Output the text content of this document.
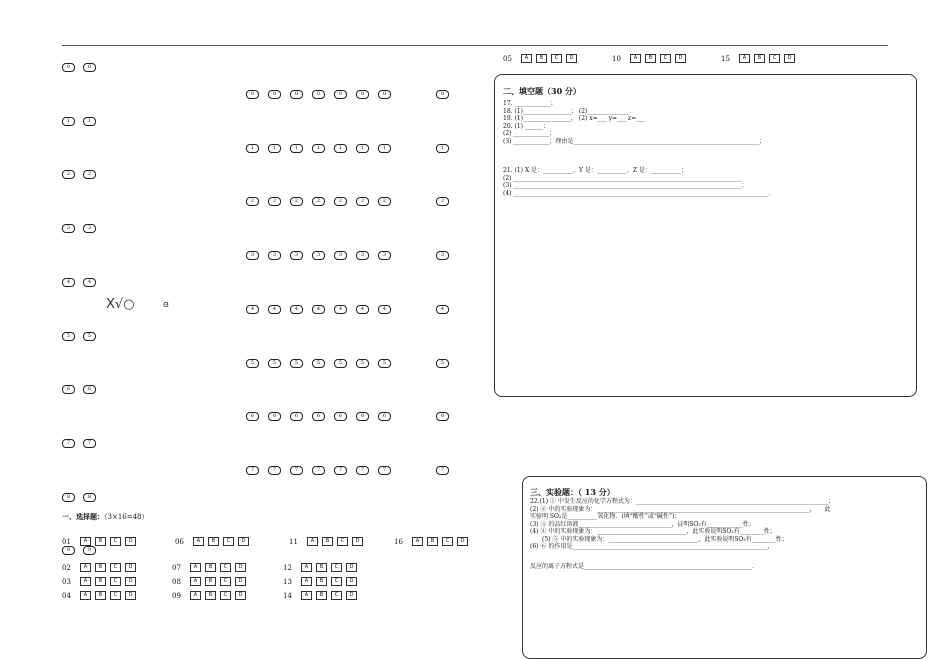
0	0
0	0	0	0	0	0	0	0
1	1
1	1	1	1	1	1	1	1
2	2
2	2	2	2	2	2	2	2
3	3
3	3	3	3	3	3	3	3
4	4
4	4	4	4	4	4	4	4
5	5
5	5	5	5	5	5	5	5
6	6
6	6	6	6	6	6	6	6
7	7
7	7	7	7	7	7	7	7
8	8
9	9
X√○	ɞ
一、选择题：（3×16=48）
01	A B C D	06	A B C D	11	A B C D	16	A B C D
02	A B C D	07	A B C D	12	A B C D
03	A B C D	08	A B C D	13	A B C D
04	A B C D	09	A B C D	14	A B C D
05	A B C D	10	A B C D	15	A B C D
二、填空题（30 分）
17. ____________；
18. (1)________________； (2)______________．
19. (1)________________， (2) x=___ y=___ z=___
20. (1) ______；
(2) ____________；
(3) ____________；理由是______________________________________________________________；
21. (1) X 是：__________、Y 是：__________、Z 是：__________；
(2) ____________________________________________________________________________
(3) ____________________________________________________________________________；
(4) _____________________________________________________________________________________．
三、实验题：（ 13 分）
22.(1) ① 中发生反应的化学方程式为：________________________________________________________________；
(2) ② 中的实验现象为：_______________________________________________________________________，　　此
实验明 SO₂是__________氧化物．(填“酸性”或“碱性”)；
(3) ③ 的品红溶液_______________________________，证明SO₂有____________性；
(4) ④ 中的实验现象为：______________________________，此实验说明SO₂有________性；
　　(5) ⑤ 中的实验现象为：______________________________，此实验说明SO₂有________性；
(6) ⑥ 的作用是_________________________________________________________________，
反应的离子方程式是________________________________________________________．
